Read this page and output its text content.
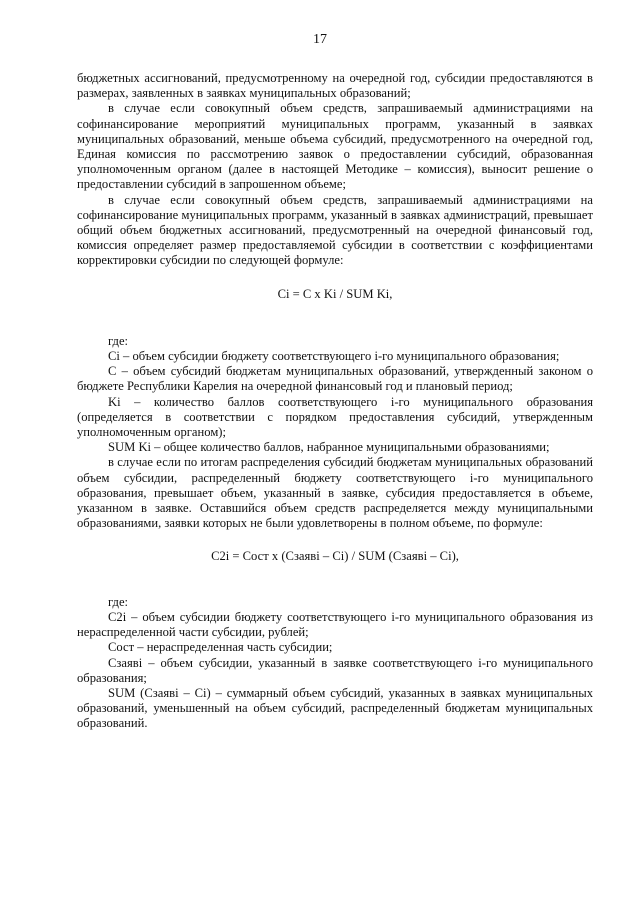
17

бюджетных ассигнований, предусмотренному на очередной год, субсидии предоставляются в размерах, заявленных в заявках муниципальных образований;

в случае если совокупный объем средств, запрашиваемый администрациями на софинансирование мероприятий муниципальных программ, указанный в заявках муниципальных образований, меньше объема субсидий, предусмотренного на очередной год, Единая комиссия по рассмотрению заявок о предоставлении субсидий, образованная уполномоченным органом (далее в настоящей Методике – комиссия), выносит решение о предоставлении субсидий в запрошенном объеме;

в случае если совокупный объем средств, запрашиваемый администрациями на софинансирование муниципальных программ, указанный в заявках администраций, превышает общий объем бюджетных ассигнований, предусмотренный на очередной финансовый год, комиссия определяет размер предоставляемой субсидии в соответствии с коэффициентами корректировки субсидии по следующей формуле:

Ci = C x Ki / SUM Ki,

где:

Ci – объем субсидии бюджету соответствующего i-го муниципального образования;

C – объем субсидий бюджетам муниципальных образований, утвержденный законом о бюджете Республики Карелия на очередной финансовый год и плановый период;

Ki – количество баллов соответствующего i-го муниципального образования (определяется в соответствии с порядком предоставления субсидий, утвержденным уполномоченным органом);

SUM Ki – общее количество баллов, набранное муниципальными образованиями;

в случае если по итогам распределения субсидий бюджетам муниципальных образований объем субсидии, распределенный бюджету соответствующего i-го муниципального образования, превышает объем, указанный в заявке, субсидия предоставляется в объеме, указанном в заявке. Оставшийся объем средств распределяется между муниципальными образованиями, заявки которых не были удовлетворены в полном объеме, по формуле:

C2i = Сост x (Сзаявi – Ci) / SUM (Сзаявi – Ci),

где:

C2i – объем субсидии бюджету соответствующего i-го муниципального образования из нераспределенной части субсидии, рублей;

Сост – нераспределенная часть субсидии;

Сзаявi – объем субсидии, указанный в заявке соответствующего i-го муниципального образования;

SUM (Сзаявi – Ci) – суммарный объем субсидий, указанных в заявках муниципальных образований, уменьшенный на объем субсидий, распределенный бюджетам муниципальных образований.
